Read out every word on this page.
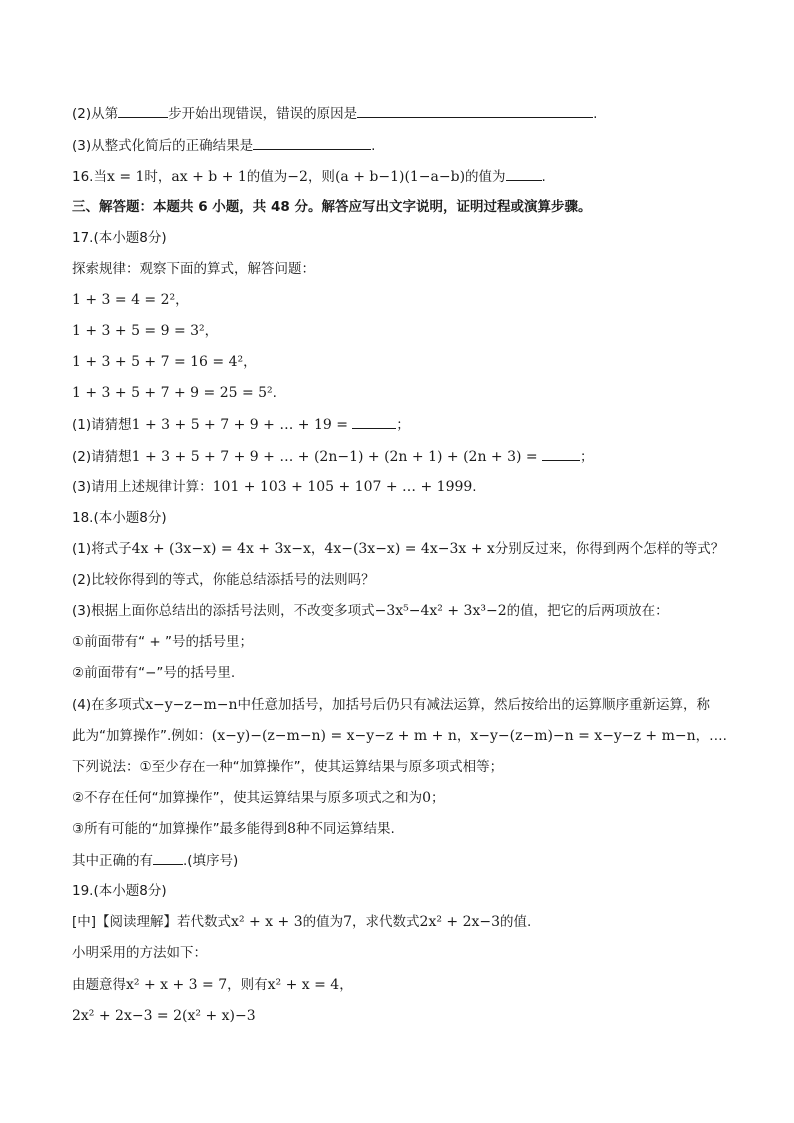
(2)从第	步开始出现错误，错误的原因是	.
(3)从整式化简后的正确结果是	.
16.当x = 1时，ax + b + 1的值为−2，则(a + b−1)(1−a−b)的值为	.
三、解答题：本题共 6 小题，共 48 分。解答应写出文字说明，证明过程或演算步骤。
17.(本小题8分)
探索规律：观察下面的算式，解答问题：
1 + 3 = 4 = 2²，
1 + 3 + 5 = 9 = 3²，
1 + 3 + 5 + 7 = 16 = 4²，
1 + 3 + 5 + 7 + 9 = 25 = 5².
(1)请猜想1 + 3 + 5 + 7 + 9 + … + 19 =	；
(2)请猜想1 + 3 + 5 + 7 + 9 + … + (2n−1) + (2n + 1) + (2n + 3) =	；
(3)请用上述规律计算：101 + 103 + 105 + 107 + … + 1999.
18.(本小题8分)
(1)将式子4x + (3x−x) = 4x + 3x−x，4x−(3x−x) = 4x−3x + x分别反过来，你得到两个怎样的等式？
(2)比较你得到的等式，你能总结添括号的法则吗？
(3)根据上面你总结出的添括号法则，不改变多项式−3x⁵−4x² + 3x³−2的值，把它的后两项放在：
①前面带有“ + ”号的括号里；
②前面带有“−”号的括号里.
(4)在多项式x−y−z−m−n中任意加括号，加括号后仍只有减法运算，然后按给出的运算顺序重新运算，称
此为“加算操作”.例如：(x−y)−(z−m−n) = x−y−z + m + n，x−y−(z−m)−n = x−y−z + m−n，….
下列说法：①至少存在一种“加算操作”，使其运算结果与原多项式相等；
②不存在任何“加算操作”，使其运算结果与原多项式之和为0；
③所有可能的“加算操作”最多能得到8种不同运算结果.
其中正确的有 .(填序号)
19.(本小题8分)
[中]【阅读理解】若代数式x² + x + 3的值为7，求代数式2x² + 2x−3的值.
小明采用的方法如下：
由题意得x² + x + 3 = 7，则有x² + x = 4，
2x² + 2x−3 = 2(x² + x)−3
